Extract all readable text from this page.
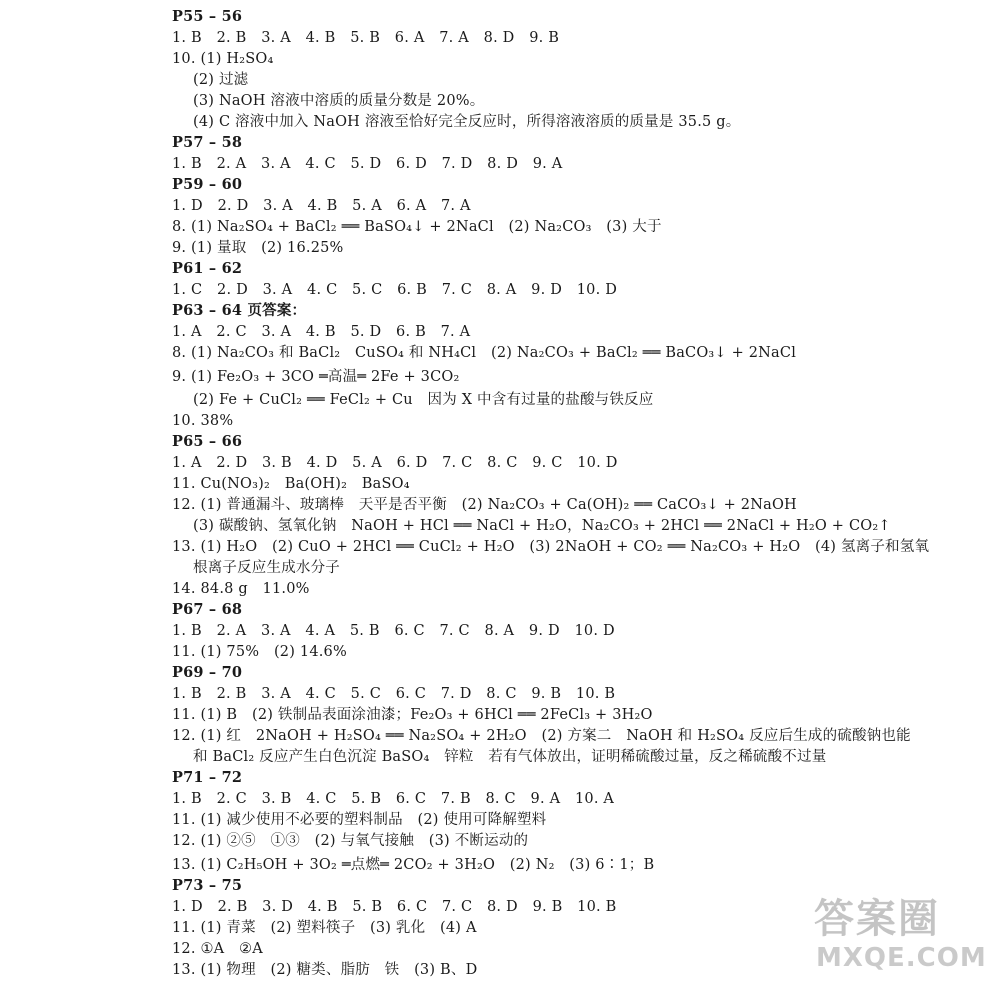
P55 – 56
1. B　2. B　3. A　4. B　5. B　6. A　7. A　8. D　9. B
10. (1) H₂SO₄
(2) 过滤
(3) NaOH 溶液中溶质的质量分数是 20%。
(4) C 溶液中加入 NaOH 溶液至恰好完全反应时，所得溶液溶质的质量是 35.5 g。
P57 – 58
1. B　2. A　3. A　4. C　5. D　6. D　7. D　8. D　9. A
P59 – 60
1. D　2. D　3. A　4. B　5. A　6. A　7. A
8. (1) Na₂SO₄ + BaCl₂ ══ BaSO₄↓ + 2NaCl　(2) Na₂CO₃　(3) 大于
9. (1) 量取　(2) 16.25%
P61 – 62
1. C　2. D　3. A　4. C　5. C　6. B　7. C　8. A　9. D　10. D
P63 – 64 页答案：
1. A　2. C　3. A　4. B　5. D　6. B　7. A
8. (1) Na₂CO₃ 和 BaCl₂　CuSO₄ 和 NH₄Cl　(2) Na₂CO₃ + BaCl₂ ══ BaCO₃↓ + 2NaCl
9. (1) Fe₂O₃ + 3CO ═高温═ 2Fe + 3CO₂
(2) Fe + CuCl₂ ══ FeCl₂ + Cu　因为 X 中含有过量的盐酸与铁反应
10. 38%
P65 – 66
1. A　2. D　3. B　4. D　5. A　6. D　7. C　8. C　9. C　10. D
11. Cu(NO₃)₂　Ba(OH)₂　BaSO₄
12. (1) 普通漏斗、玻璃棒　天平是否平衡　(2) Na₂CO₃ + Ca(OH)₂ ══ CaCO₃↓ + 2NaOH
(3) 碳酸钠、氢氧化钠　NaOH + HCl ══ NaCl + H₂O，Na₂CO₃ + 2HCl ══ 2NaCl + H₂O + CO₂↑
13. (1) H₂O　(2) CuO + 2HCl ══ CuCl₂ + H₂O　(3) 2NaOH + CO₂ ══ Na₂CO₃ + H₂O　(4) 氢离子和氢氧
根离子反应生成水分子
14. 84.8 g　11.0%
P67 – 68
1. B　2. A　3. A　4. A　5. B　6. C　7. C　8. A　9. D　10. D
11. (1) 75%　(2) 14.6%
P69 – 70
1. B　2. B　3. A　4. C　5. C　6. C　7. D　8. C　9. B　10. B
11. (1) B　(2) 铁制品表面涂油漆；Fe₂O₃ + 6HCl ══ 2FeCl₃ + 3H₂O
12. (1) 红　2NaOH + H₂SO₄ ══ Na₂SO₄ + 2H₂O　(2) 方案二　NaOH 和 H₂SO₄ 反应后生成的硫酸钠也能
和 BaCl₂ 反应产生白色沉淀 BaSO₄　锌粒　若有气体放出，证明稀硫酸过量，反之稀硫酸不过量
P71 – 72
1. B　2. C　3. B　4. C　5. B　6. C　7. B　8. C　9. A　10. A
11. (1) 减少使用不必要的塑料制品　(2) 使用可降解塑料
12. (1) ②⑤　①③　(2) 与氧气接触　(3) 不断运动的
13. (1) C₂H₅OH + 3O₂ ═点燃═ 2CO₂ + 3H₂O　(2) N₂　(3) 6∶1；B
P73 – 75
1. D　2. B　3. D　4. B　5. B　6. C　7. C　8. D　9. B　10. B
11. (1) 青菜　(2) 塑料筷子　(3) 乳化　(4) A
12. ①A　②A
13. (1) 物理　(2) 糖类、脂肪　铁　(3) B、D
答案圈
MXQE.COM
